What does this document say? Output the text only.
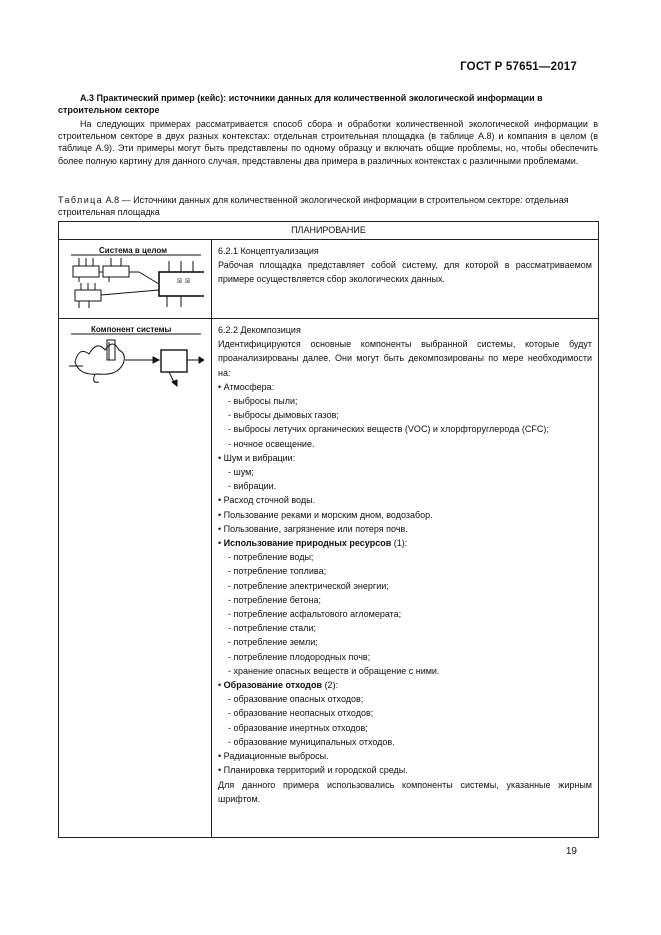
ГОСТ Р 57651—2017
А.3 Практический пример (кейс): источники данных для количественной экологической информации в строительном секторе

На следующих примерах рассматривается способ сбора и обработки количественной экологической информации в строительном секторе в двух разных контекстах: отдельная строительная площадка (в таблице А.8) и компания в целом (в таблице А.9). Эти примеры могут быть представлены по одному образцу и включать общие проблемы, но, чтобы обеспечить более полную картину для данного случая, представлены два примера в различных контекстах с различными проблемами.

Таблица А.8 — Источники данных для количественной экологической информации в строительном секторе: отдельная строительная площадка

ПЛАНИРОВАНИЕ
Система в целом
☒ ☒

6.2.1 Концептуализация

Рабочая площадка представляет собой систему, для которой в рассматриваемом примере осуществляется сбор экологических данных.

Компонент системы	6.2.2 Декомпозиция

Идентифицируются основные компоненты выбранной системы, которые будут проанализированы далее. Они могут быть декомпозированы по мере необходимости на:

• Атмосфера:

- выбросы пыли;

- выбросы дымовых газов;

- выбросы летучих органических веществ (VOC) и хлорфторуглерода (CFC);

- ночное освещение.

• Шум и вибрации:

- шум;

- вибрации.

• Расход сточной воды.

• Пользование реками и морским дном, водозабор.

• Пользование, загрязнение или потеря почв.

• Использование природных ресурсов (1):

- потребление воды;

- потребление топлива;

- потребление электрической энергии;

- потребление бетона;

- потребление асфальтового агломерата;

- потребление стали;

- потребление земли;

- потребление плодородных почв;

- хранение опасных веществ и обращение с ними.

• Образование отходов (2):

- образование опасных отходов;

- образование неопасных отходов;

- образование инертных отходов;

- образование муниципальных отходов.

• Радиационные выбросы.

• Планировка территорий и городской среды.

Для данного примера использовались компоненты системы, указанные жирным шрифтом.

19
